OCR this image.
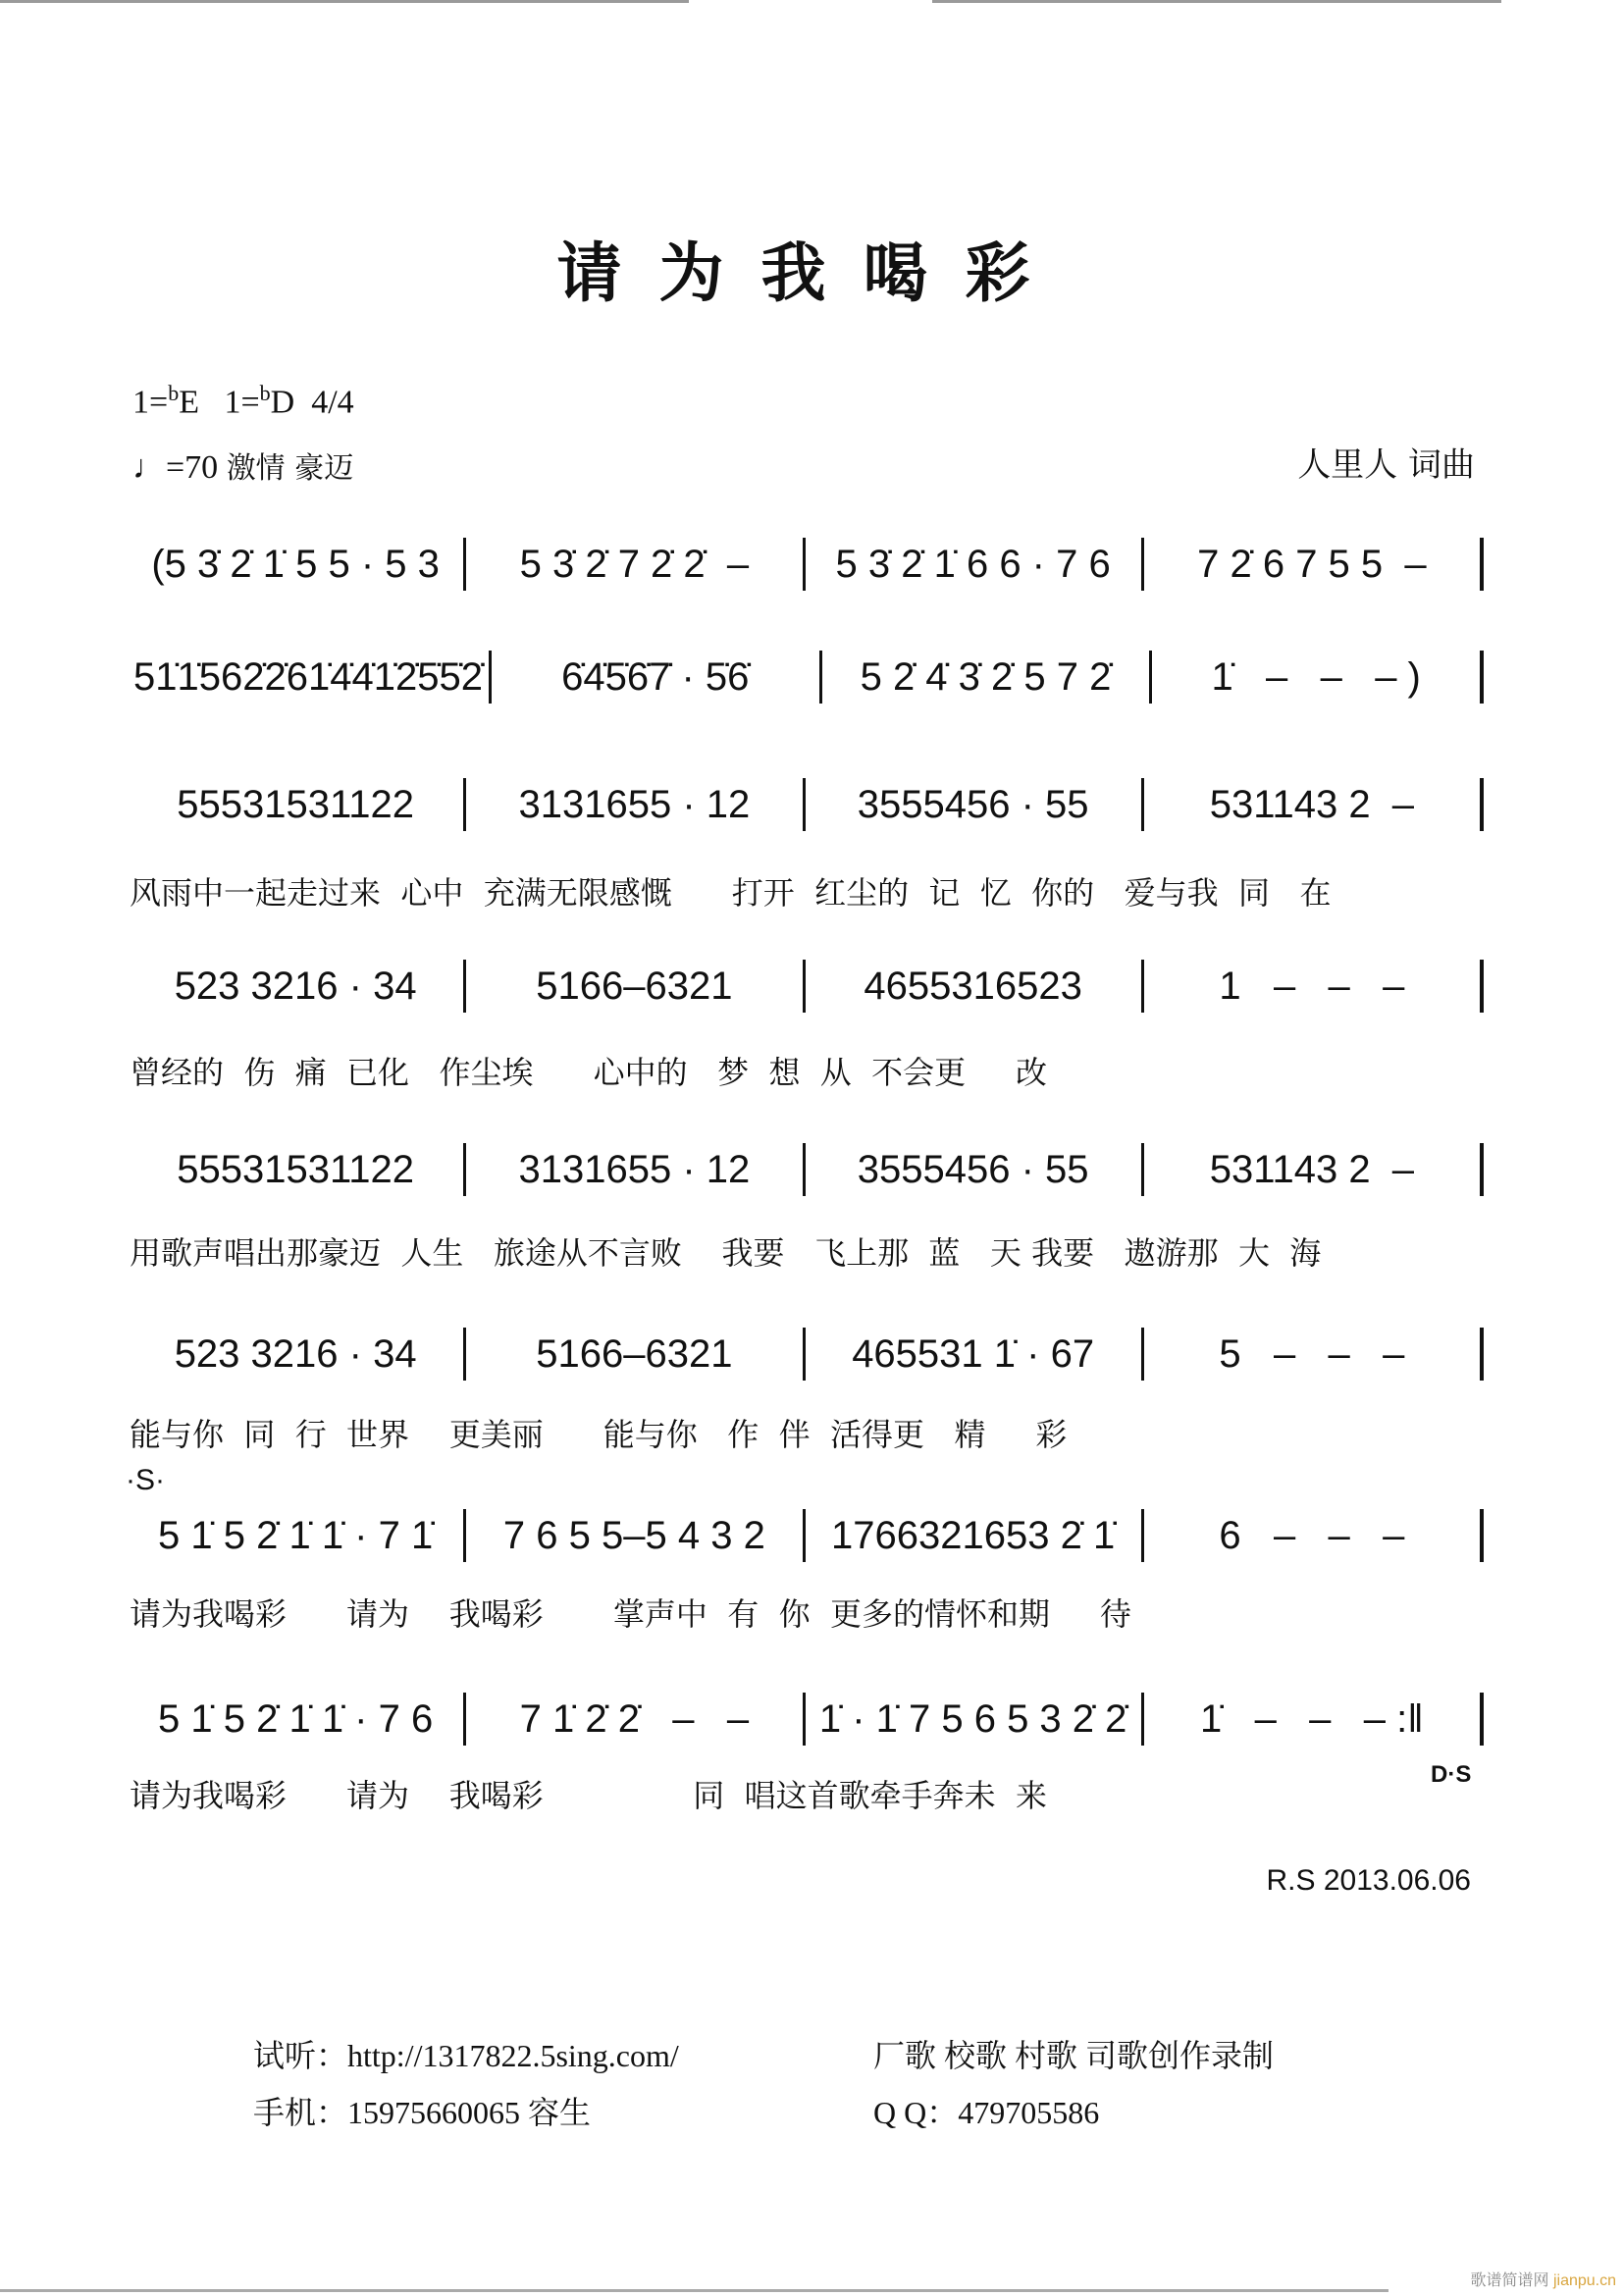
请为我喝彩
1=$^b$E 1=$^b$D 4/4
♩=70 激情 豪迈	人里人 词曲
(5 3̇ 2̇ 1̇ 5 5 · 5 3	5 3̇ 2̇ 7 2̇ 2̇  –	5 3̇ 2̇ 1̇ 6 6 · 7 6	7 2̇ 6 7 5 5  –
51̇1̇562̇2̇61̇4̇4̇1̇2̇5̇5̇2̇	6̇4̇5̇6̇7̇ · 5̇6̇	5 2̇ 4̇ 3̇ 2̇ 5 7 2̇	1̇   –   –   – )
55531531122	3131655 · 12	3555456 · 55	531143 2  –
风雨中一起走过来  心中  充满无限感慨      打开  红尘的  记  忆  你的   爱与我  同   在
523 3216 · 34	5166–6321	4655316523	1   –   –   –
曾经的  伤  痛  已化   作尘埃      心中的   梦  想  从  不会更     改
55531531122	3131655 · 12	3555456 · 55	531143 2  –
用歌声唱出那豪迈  人生   旅途从不言败    我要   飞上那  蓝   天 我要   遨游那  大  海
523 3216 · 34	5166–6321	465531 1̇ · 67	5   –   –   –
能与你  同  行  世界    更美丽      能与你   作  伴  活得更   精     彩
5 1̇ 5 2̇ 1̇ 1̇ · 7 1̇	7 6 5 5–5 4 3 2	1766321653 2̇ 1̇	6   –   –   –
请为我喝彩      请为    我喝彩       掌声中  有  你  更多的情怀和期     待
5 1̇ 5 2̇ 1̇ 1̇ · 7 6	7 1̇ 2̇ 2̇   –   –	1̇ · 1̇ 7 5 6 5 3 2̇ 2̇	1̇   –   –   – :‖
请为我喝彩      请为    我喝彩               同  唱这首歌牵手奔未  来
·S·
D·S
R.S 2013.06.06
试听：http://1317822.5sing.com/
手机：15975660065 容生
厂歌 校歌 村歌 司歌创作录制
Q Q：479705586
歌谱简谱网 jianpu.cn
